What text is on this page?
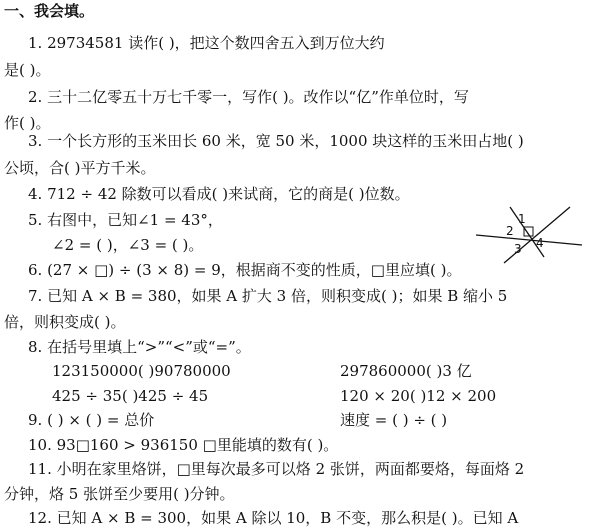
一、我会填。
1. 29734581 读作( )，把这个数四舍五入到万位大约
是( )。
2. 三十二亿零五十万七千零一，写作( )。改作以“亿”作单位时，写
作( )。
3. 一个长方形的玉米田长 60 米，宽 50 米，1000 块这样的玉米田占地( )
公顷，合( )平方千米。
4. 712 ÷ 42 除数可以看成( )来试商，它的商是( )位数。
5. 右图中，已知∠1 = 43°，
∠2 = ( )，∠3 = ( )。
6. (27 × □) ÷ (3 × 8) = 9，根据商不变的性质，□里应填( )。
7. 已知 A × B = 380，如果 A 扩大 3 倍，则积变成( )；如果 B 缩小 5
倍，则积变成( )。
8. 在括号里填上“>”“<”或“=”。
123150000( )90780000	297860000( )3 亿
425 ÷ 35( )425 ÷ 45	120 × 20( )12 × 200
9. ( ) × ( ) = 总价	速度 = ( ) ÷ ( )
10. 93□160 > 936150 □里能填的数有( )。
11. 小明在家里烙饼，□里每次最多可以烙 2 张饼，两面都要烙，每面烙 2
分钟，烙 5 张饼至少要用( )分钟。
12. 已知 A × B = 300，如果 A 除以 10，B 不变，那么积是( )。已知 A
1
2
3 4
